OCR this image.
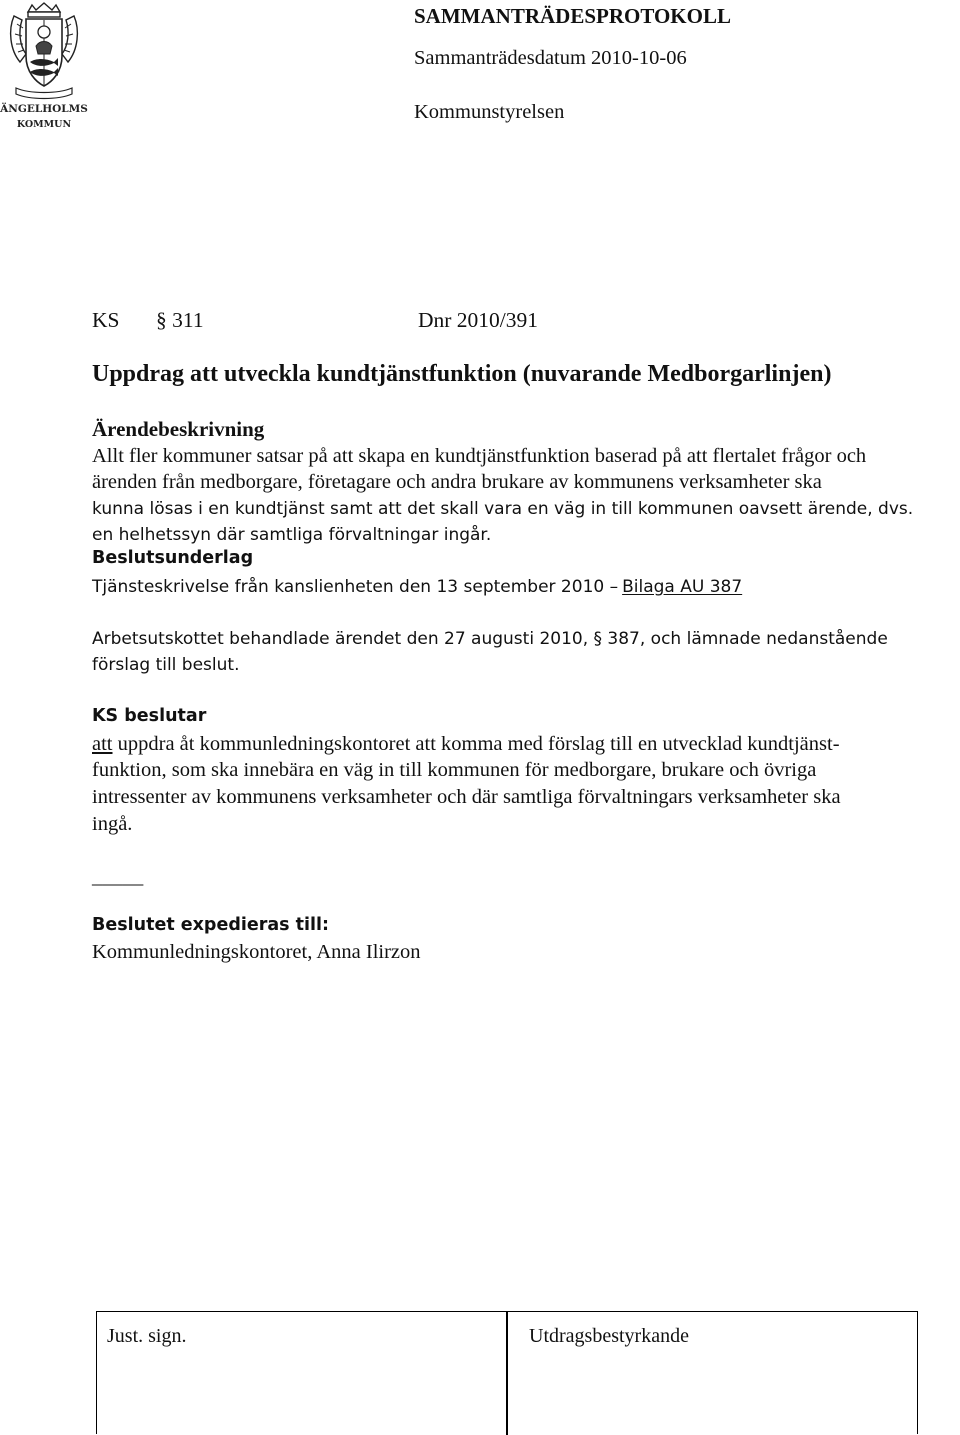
ÄNGELHOLMS
KOMMUN
SAMMANTRÄDESPROTOKOLL
Sammanträdesdatum 2010-10-06
Kommunstyrelsen
KS § 311	Dnr 2010/391
Uppdrag att utveckla kundtjänstfunktion (nuvarande Medborgarlinjen)
Ärendebeskrivning
Allt fler kommuner satsar på att skapa en kundtjänstfunktion baserad på att flertalet frågor och
ärenden från medborgare, företagare och andra brukare av kommunens verksamheter ska
kunna lösas i en kundtjänst samt att det skall vara en väg in till kommunen oavsett ärende, dvs.
en helhetssyn där samtliga förvaltningar ingår.
Beslutsunderlag
Tjänsteskrivelse från kanslienheten den 13 september 2010 – Bilaga AU 387
Arbetsutskottet behandlade ärendet den 27 augusti 2010, § 387, och lämnade nedanstående
förslag till beslut.
KS beslutar
att uppdra åt kommunledningskontoret att komma med förslag till en utvecklad kundtjänst-
funktion, som ska innebära en väg in till kommunen för medborgare, brukare och övriga
intressenter av kommunens verksamheter och där samtliga förvaltningars verksamheter ska
ingå.
_____
Beslutet expedieras till:
Kommunledningskontoret, Anna Ilirzon
Just. sign.	Utdragsbestyrkande
